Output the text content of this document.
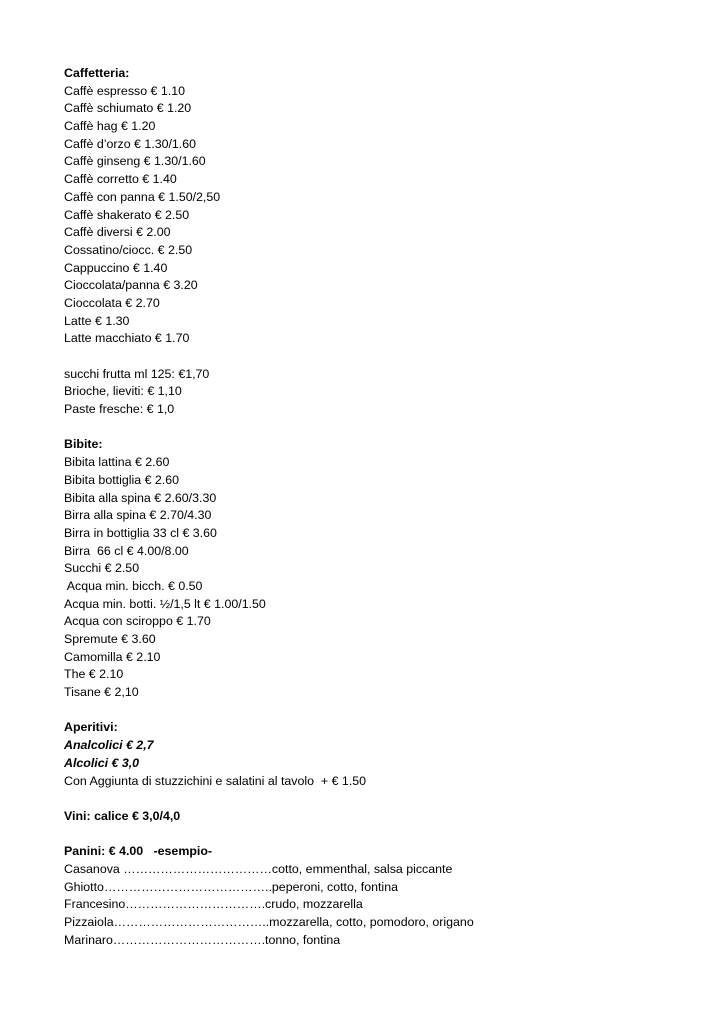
Caffetteria:
Caffè espresso € 1.10
Caffè schiumato € 1.20
Caffè hag € 1.20
Caffè d’orzo € 1.30/1.60
Caffè ginseng € 1.30/1.60
Caffè corretto € 1.40
Caffè con panna € 1.50/2,50
Caffè shakerato € 2.50
Caffè diversi € 2.00
Cossatino/ciocc. € 2.50
Cappuccino € 1.40
Cioccolata/panna € 3.20
Cioccolata € 2.70
Latte € 1.30
Latte macchiato € 1.70
succhi frutta ml 125: €1,70
Brioche, lieviti: € 1,10
Paste fresche: € 1,0
Bibite:
Bibita lattina € 2.60
Bibita bottiglia € 2.60
Bibita alla spina € 2.60/3.30
Birra alla spina € 2.70/4.30
Birra in bottiglia 33 cl € 3.60
Birra  66 cl € 4.00/8.00
Succhi € 2.50
Acqua min. bicch. € 0.50
Acqua min. botti. ½/1,5 lt € 1.00/1.50
Acqua con sciroppo € 1.70
Spremute € 3.60
Camomilla € 2.10
The € 2.10
Tisane € 2,10
Aperitivi:
Analcolici € 2,7
Alcolici € 3,0
Con Aggiunta di stuzzichini e salatini al tavolo  + € 1.50
Vini: calice € 3,0/4,0
Panini: € 4.00   -esempio-
Casanova ………………………………cotto, emmenthal, salsa piccante
Ghiotto…………………………………..peperoni, cotto, fontina
Francesino…………………………….crudo, mozzarella
Pizzaiola………………………………..mozzarella, cotto, pomodoro, origano
Marinaro……………………………….tonno, fontina
